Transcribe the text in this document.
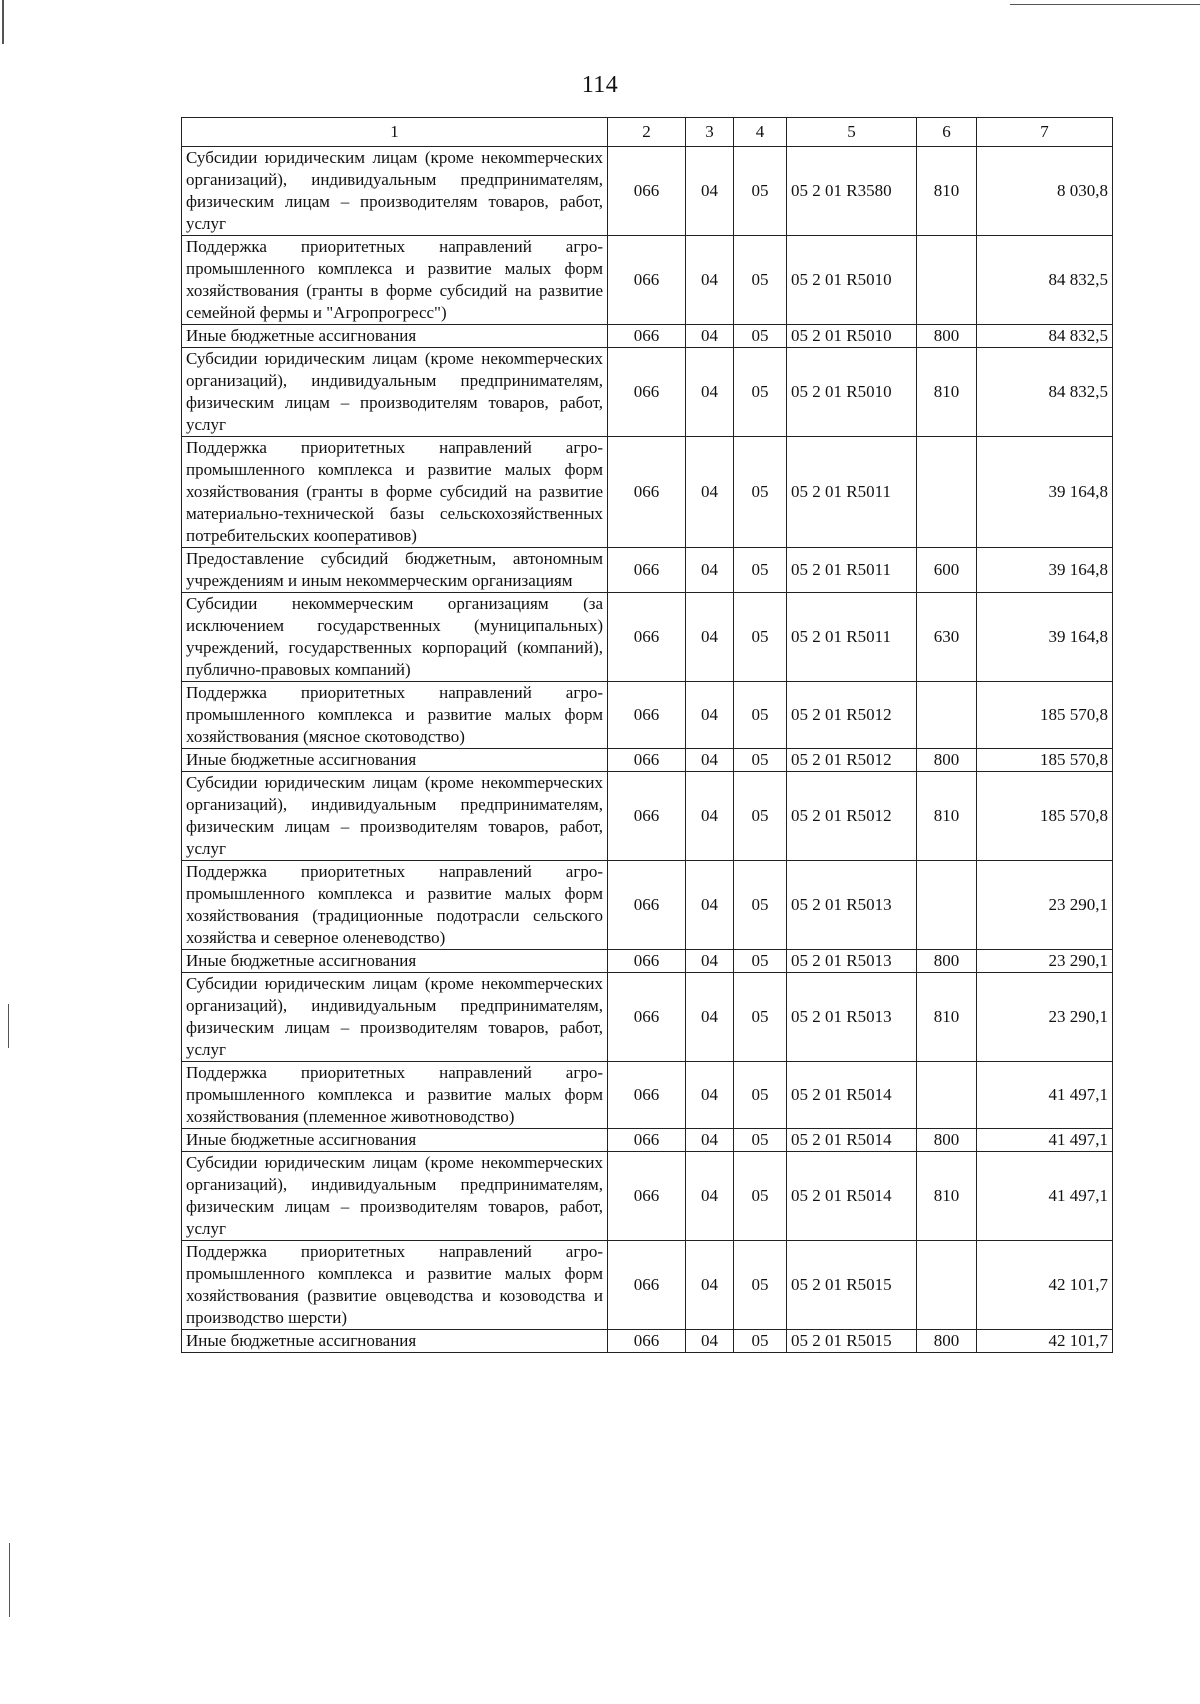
114
1	2	3	4	5	6	7
Субсидии юридическим лицам (кроме некомmерческих организаций), индивидуальным предпринимателям, физическим лицам – производителям товаров, работ, услуг	066	04	05	05 2 01 R3580	810	8 030,8
Поддержка приоритетных направлений агропромышленного комплекса и развитие малых форм хозяйствования (гранты в форме субсидий на развитие семейной фермы и "Агропрогресс")	066	04	05	05 2 01 R5010		84 832,5
Иные бюджетные ассигнования	066	04	05	05 2 01 R5010	800	84 832,5
Субсидии юридическим лицам (кроме некомmерческих организаций), индивидуальным предпринимателям, физическим лицам – производителям товаров, работ, услуг	066	04	05	05 2 01 R5010	810	84 832,5
Поддержка приоритетных направлений агропромышленного комплекса и развитие малых форм хозяйствования (гранты в форме субсидий на развитие материально-технической базы сельскохозяйственных потребительских кооперативов)	066	04	05	05 2 01 R5011		39 164,8
Предоставление субсидий бюджетным, автономным учреждениям и иным некоммерческим организациям	066	04	05	05 2 01 R5011	600	39 164,8
Субсидии некоммерческим организациям (за исключением государственных (муниципальных) учреждений, государственных корпораций (компаний), публично-правовых компаний)	066	04	05	05 2 01 R5011	630	39 164,8
Поддержка приоритетных направлений агропромышленного комплекса и развитие малых форм хозяйствования (мясное скотоводство)	066	04	05	05 2 01 R5012		185 570,8
Иные бюджетные ассигнования	066	04	05	05 2 01 R5012	800	185 570,8
Субсидии юридическим лицам (кроме некомmерческих организаций), индивидуальным предпринимателям, физическим лицам – производителям товаров, работ, услуг	066	04	05	05 2 01 R5012	810	185 570,8
Поддержка приоритетных направлений агропромышленного комплекса и развитие малых форм хозяйствования (традиционные подотрасли сельского хозяйства и северное оленеводство)	066	04	05	05 2 01 R5013		23 290,1
Иные бюджетные ассигнования	066	04	05	05 2 01 R5013	800	23 290,1
Субсидии юридическим лицам (кроме некомmерческих организаций), индивидуальным предпринимателям, физическим лицам – производителям товаров, работ, услуг	066	04	05	05 2 01 R5013	810	23 290,1
Поддержка приоритетных направлений агропромышленного комплекса и развитие малых форм хозяйствования (племенное животноводство)	066	04	05	05 2 01 R5014		41 497,1
Иные бюджетные ассигнования	066	04	05	05 2 01 R5014	800	41 497,1
Субсидии юридическим лицам (кроме некомmерческих организаций), индивидуальным предпринимателям, физическим лицам – производителям товаров, работ, услуг	066	04	05	05 2 01 R5014	810	41 497,1
Поддержка приоритетных направлений агропромышленного комплекса и развитие малых форм хозяйствования (развитие овцеводства и козоводства и производство шерсти)	066	04	05	05 2 01 R5015		42 101,7
Иные бюджетные ассигнования	066	04	05	05 2 01 R5015	800	42 101,7
